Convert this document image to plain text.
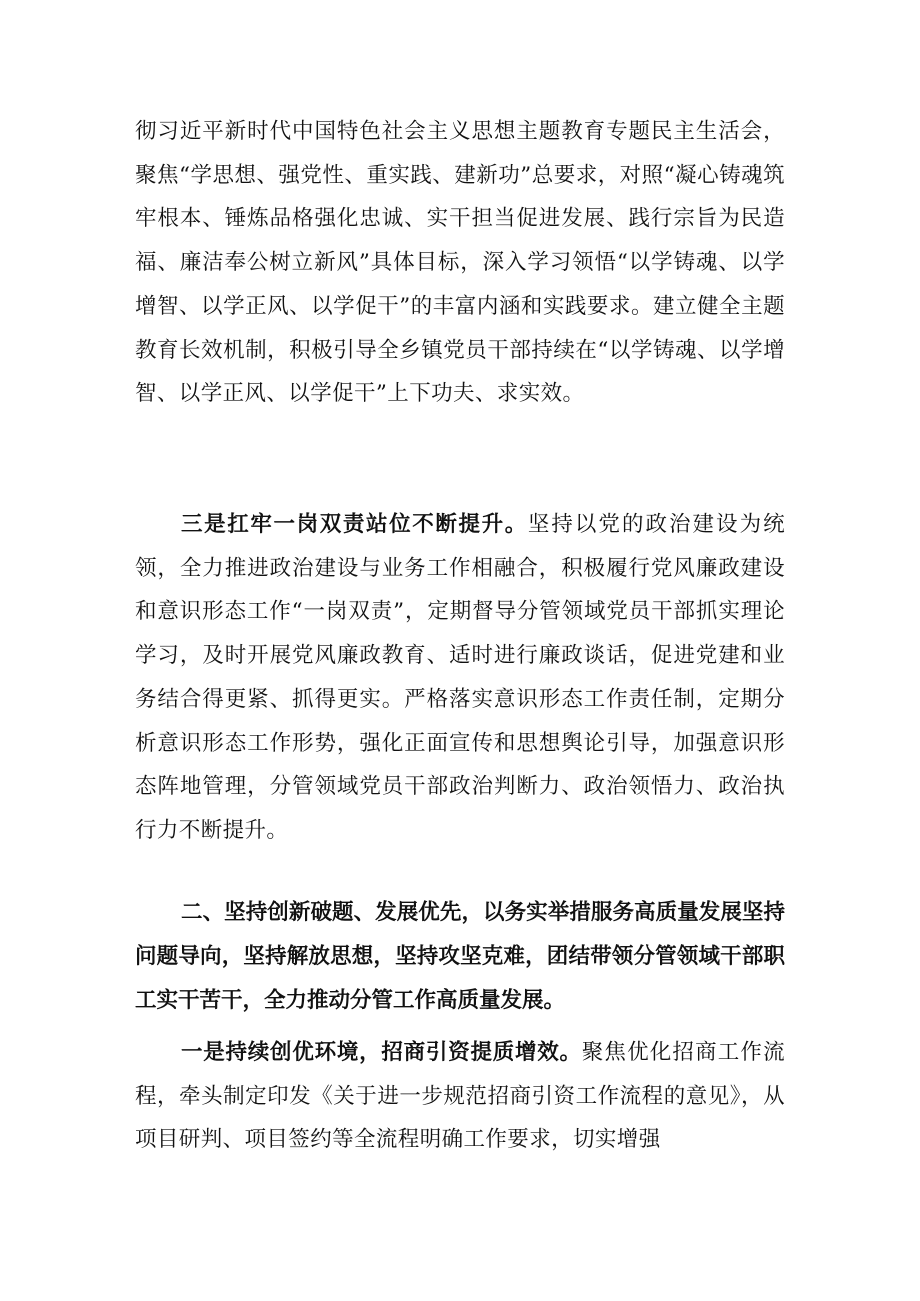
彻习近平新时代中国特色社会主义思想主题教育专题民主生活会，聚焦“学思想、强党性、重实践、建新功”总要求，对照“凝心铸魂筑牢根本、锤炼品格强化忠诚、实干担当促进发展、践行宗旨为民造福、廉洁奉公树立新风”具体目标，深入学习领悟“以学铸魂、以学增智、以学正风、以学促干”的丰富内涵和实践要求。建立健全主题教育长效机制，积极引导全乡镇党员干部持续在“以学铸魂、以学增智、以学正风、以学促干”上下功夫、求实效。

三是扛牢一岗双责站位不断提升。坚持以党的政治建设为统领，全力推进政治建设与业务工作相融合，积极履行党风廉政建设和意识形态工作“一岗双责”，定期督导分管领域党员干部抓实理论学习，及时开展党风廉政教育、适时进行廉政谈话，促进党建和业务结合得更紧、抓得更实。严格落实意识形态工作责任制，定期分析意识形态工作形势，强化正面宣传和思想舆论引导，加强意识形态阵地管理，分管领域党员干部政治判断力、政治领悟力、政治执行力不断提升。

二、坚持创新破题、发展优先，以务实举措服务高质量发展坚持问题导向，坚持解放思想，坚持攻坚克难，团结带领分管领域干部职工实干苦干，全力推动分管工作高质量发展。

一是持续创优环境，招商引资提质增效。聚焦优化招商工作流程，牵头制定印发《关于进一步规范招商引资工作流程的意见》，从项目研判、项目签约等全流程明确工作要求，切实增强
